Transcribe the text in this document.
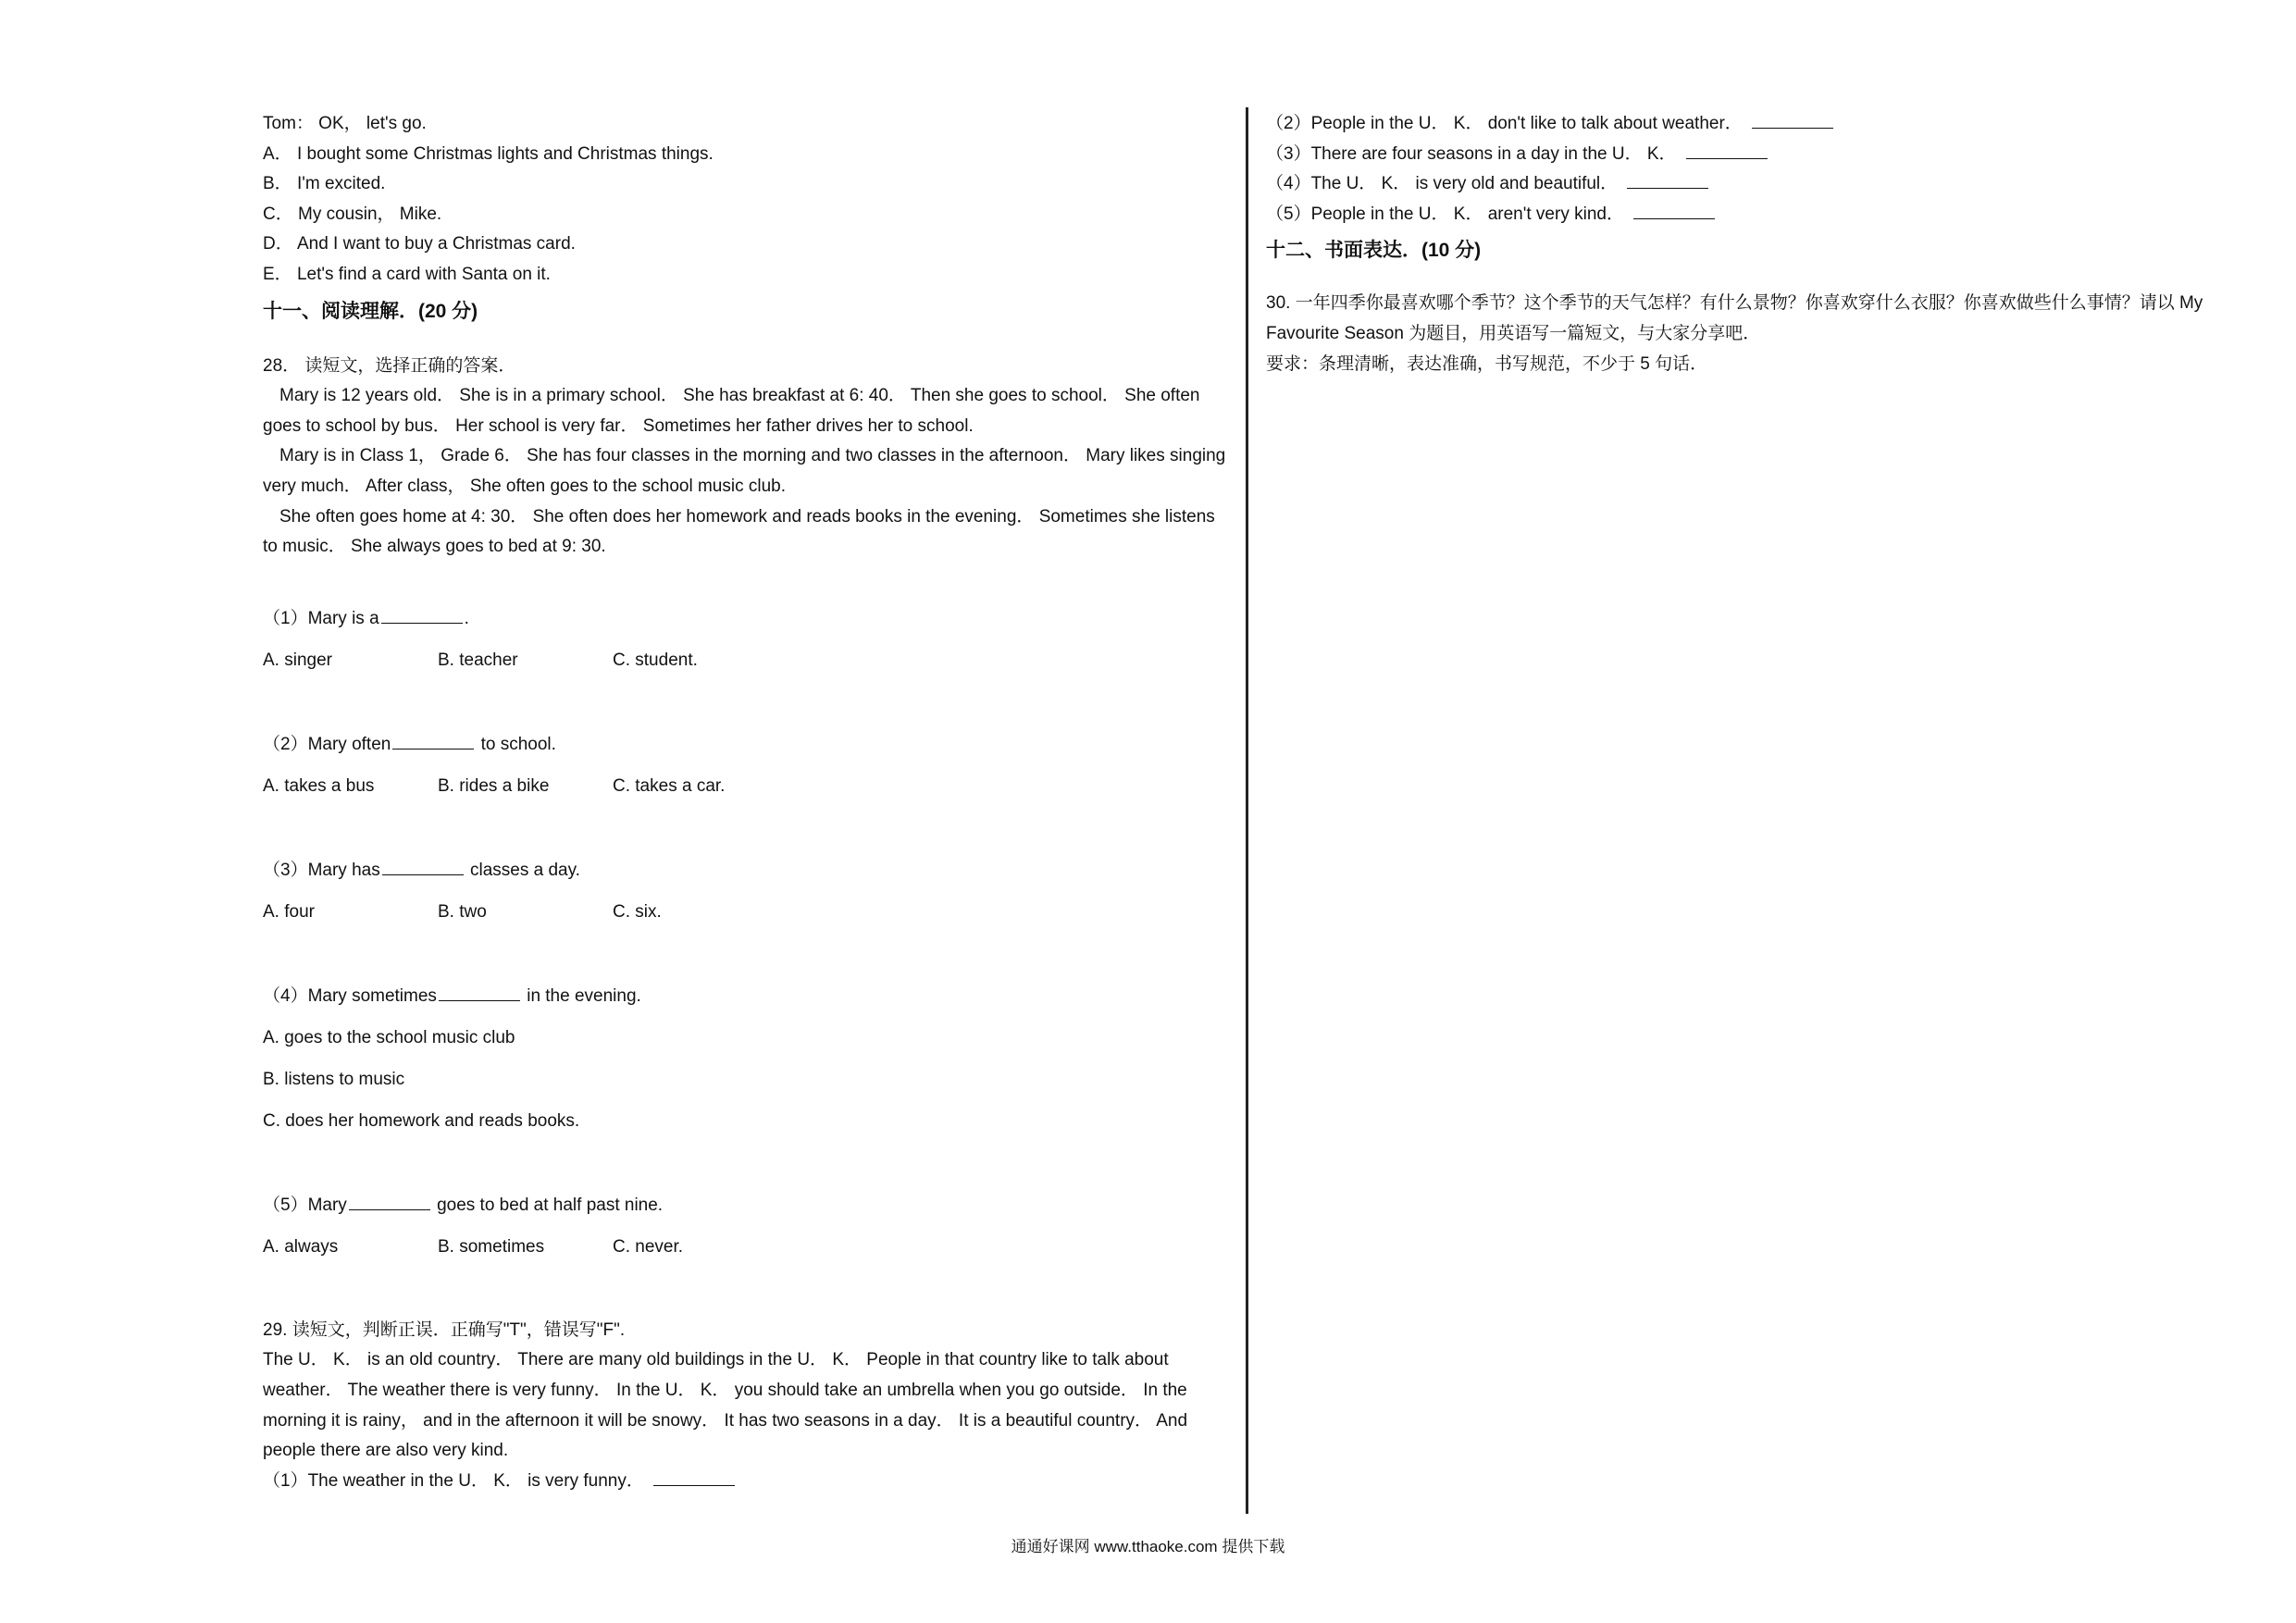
Tom： OK， let's go.
A． I bought some Christmas lights and Christmas things.
B． I'm excited.
C． My cousin， Mike.
D． And I want to buy a Christmas card.
E． Let's find a card with Santa on it.
十一、阅读理解．(20 分)
28． 读短文，选择正确的答案．
Mary is 12 years old． She is in a primary school． She has breakfast at 6: 40． Then she goes to school． She often goes to school by bus． Her school is very far． Sometimes her father drives her to school.
Mary is in Class 1， Grade 6． She has four classes in the morning and two classes in the afternoon． Mary likes singing very much． After class， She often goes to the school music club.
She often goes home at 4: 30． She often does her homework and reads books in the evening． Sometimes she listens to music． She always goes to bed at 9: 30.
（1）Mary is a	.
A. singer	B. teacher	C. student.
（2）Mary often	to school.
A. takes a bus	B. rides a bike	C. takes a car.
（3）Mary has	classes a day.
A. four	B. two	C. six.
（4）Mary sometimes	in the evening.
A. goes to the school music club
B. listens to music
C. does her homework and reads books.
（5）Mary	goes to bed at half past nine.
A. always	B. sometimes	C. never.
29. 读短文，判断正误．正确写"T"，错误写"F".
The U． K． is an old country． There are many old buildings in the U． K． People in that country like to talk about weather． The weather there is very funny． In the U． K． you should take an umbrella when you go outside． In the morning it is rainy， and in the afternoon it will be snowy． It has two seasons in a day． It is a beautiful country． And people there are also very kind.
（1）The weather in the U． K． is very funny．
（2）People in the U． K． don't like to talk about weather．
（3）There are four seasons in a day in the U． K．
（4）The U． K． is very old and beautiful．
（5）People in the U． K． aren't very kind．
十二、书面表达．(10 分)
30. 一年四季你最喜欢哪个季节？这个季节的天气怎样？有什么景物？你喜欢穿什么衣服？你喜欢做些什么事情？请以 My Favourite Season 为题目，用英语写一篇短文，与大家分享吧．
要求：条理清晰，表达准确，书写规范，不少于 5 句话．
通通好课网 www.tthaoke.com 提供下载
